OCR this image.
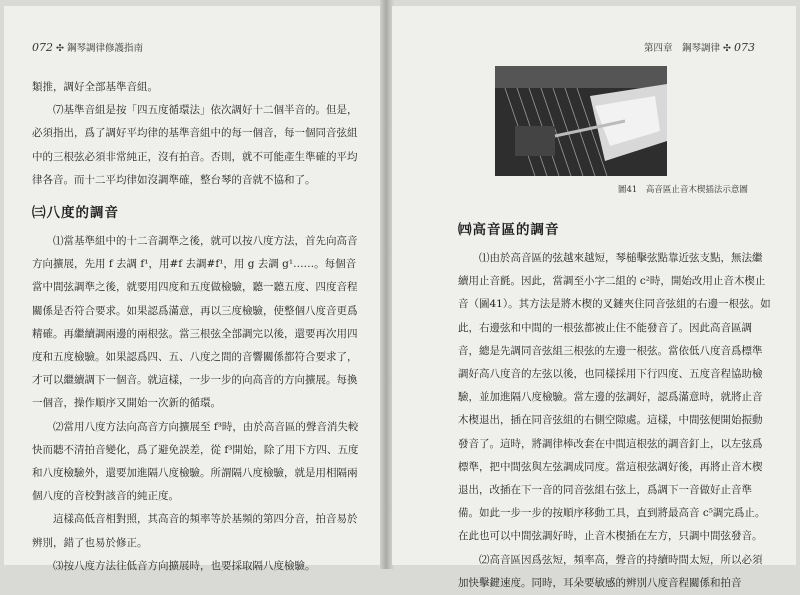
072 ✣ 鋼琴調律修護指南

類推，調好全部基準音組。

⑺基準音組是按「四五度循環法」依次調好十二個半音的。但是，必須指出，爲了調好平均律的基準音組中的每一個音，每一個同音弦組中的三根弦必須非常純正，沒有拍音。否則，就不可能產生準確的平均律各音。而十二平均律如沒調準確，整台琴的音就不協和了。

㈢八度的調音

⑴當基準組中的十二音調準之後，就可以按八度方法，首先向高音方向擴展，先用 f 去調 f¹，用#f 去調#f¹，用 g 去調 g¹……。每個音當中間弦調準之後，就要用四度和五度做檢驗，聽一聽五度、四度音程關係是否符合要求。如果認爲滿意，再以三度檢驗，使整個八度音更爲精確。再繼續調兩邊的兩根弦。當三根弦全部調完以後，還要再次用四度和五度檢驗。如果認爲四、五、八度之間的音響關係都符合要求了，才可以繼續調下一個音。就這樣，一步一步的向高音的方向擴展。每換一個音，操作順序又開始一次新的循環。

⑵當用八度方法向高音方向擴展至 f³時，由於高音區的聲音消失較快而聽不清拍音變化，爲了避免誤差，從 f³開始，除了用下方四、五度和八度檢驗外，還要加進隔八度檢驗。所謂隔八度檢驗，就是用相隔兩個八度的音校對該音的純正度。

這樣高低音相對照，其高音的頻率等於基頻的第四分音，拍音易於辨別，錯了也易於修正。

⑶按八度方法往低音方向擴展時，也要採取隔八度檢驗。

第四章　鋼琴調律 ✣ 073
圖41　高音區止音木楔插法示意圖
㈣高音區的調音

⑴由於高音區的弦越來越短，琴槌擊弦點靠近弦支點，無法繼續用止音氈。因此，當調至小字二組的 c²時，開始改用止音木楔止音（圖41）。其方法是將木楔的叉鏈夾住同音弦組的右邊一根弦。如此，右邊弦和中間的一根弦都被止住不能發音了。因此高音區調音，總是先調同音弦組三根弦的左邊一根弦。當依低八度音爲標準調好高八度音的左弦以後，也同樣採用下行四度、五度音程協助檢驗，並加進隔八度檢驗。當左邊的弦調好，認爲滿意時，就將止音木楔退出，插在同音弦組的右側空隙處。這樣，中間弦便開始振動發音了。這時，將調律棒改套在中間這根弦的調音釘上，以左弦爲標準，把中間弦與左弦調成同度。當這根弦調好後，再將止音木楔退出，改插在下一音的同音弦組右弦上，爲調下一音做好止音準備。如此一步一步的按順序移動工具，直到將最高音 c⁵調完爲止。在此也可以中間弦調好時，止音木楔插在左方，只調中間弦發音。

⑵高音區因爲弦短，頻率高，聲音的持續時間太短，所以必須加快擊鍵速度。同時，耳朵要敏感的辨別八度音程關係和拍音
